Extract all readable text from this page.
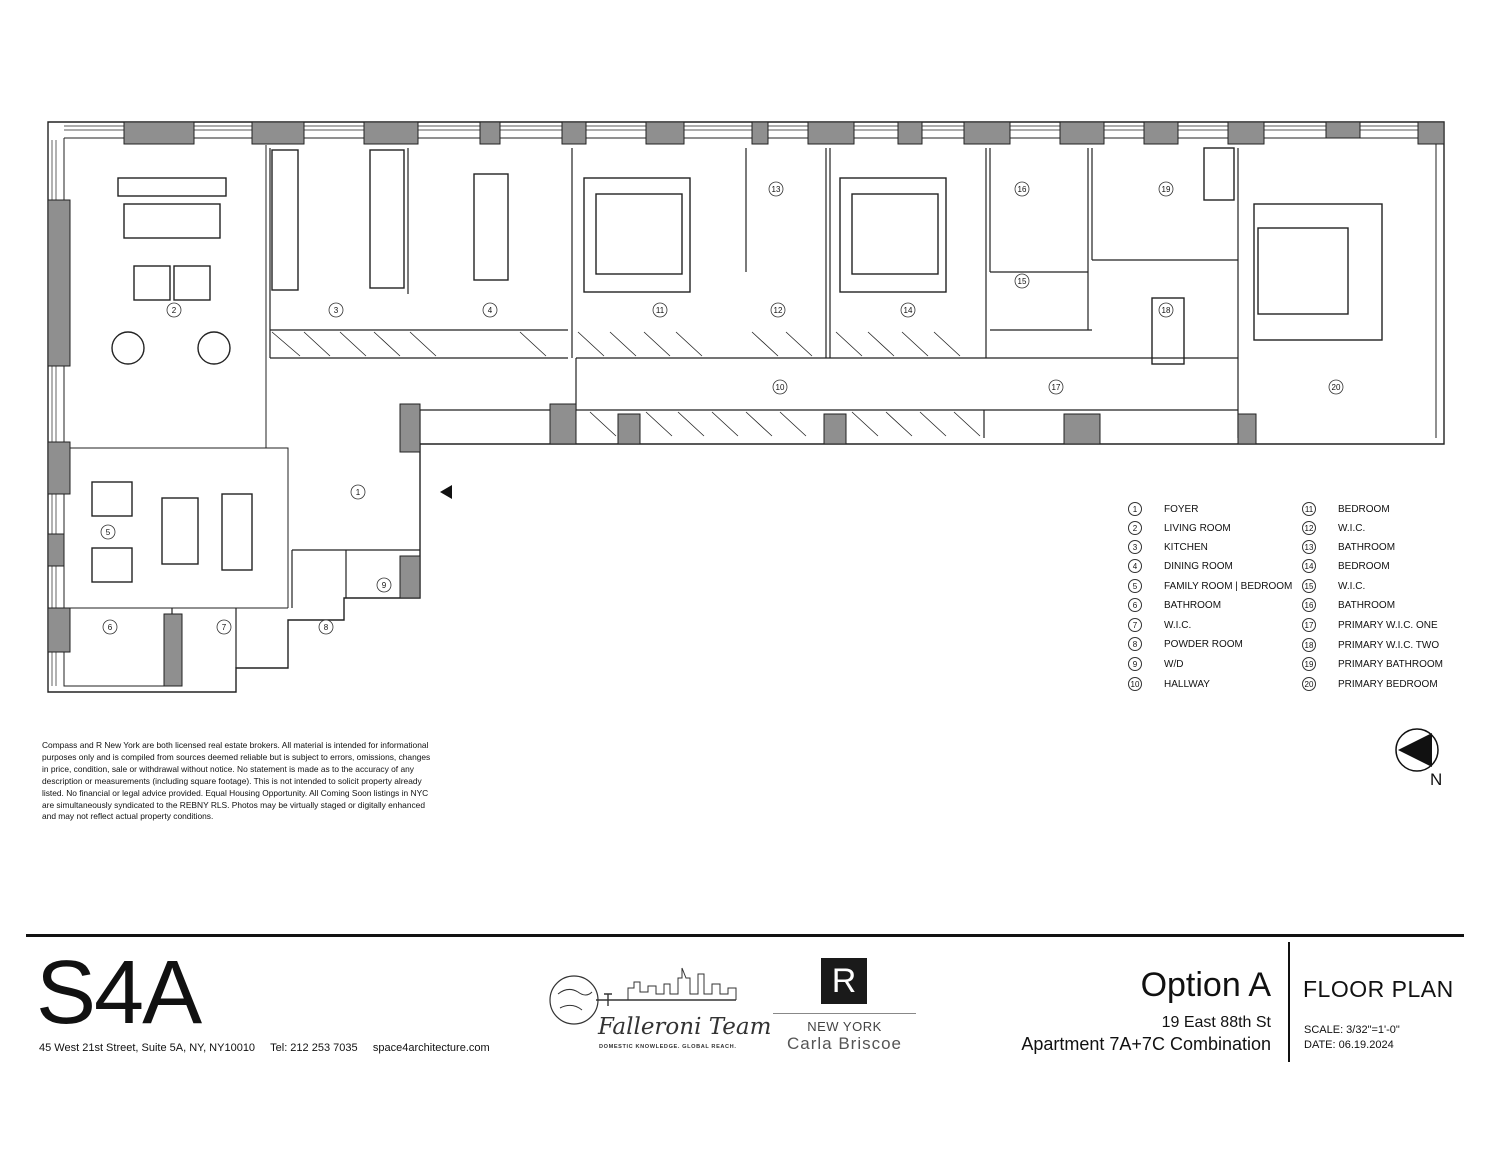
1
2	3	4
5
6	7	8
9
10
11	12
13
14
15
16
17
18
19
20
1	FOYER
2	LIVING ROOM
3	KITCHEN
4	DINING ROOM
5	FAMILY ROOM | BEDROOM
6	BATHROOM
7	W.I.C.
8	POWDER ROOM
9	W/D
10 HALLWAY
11 BEDROOM
12 W.I.C.
13 BATHROOM
14 BEDROOM
15 W.I.C.
16 BATHROOM
17 PRIMARY W.I.C. ONE
18 PRIMARY W.I.C. TWO
19 PRIMARY BATHROOM
20 PRIMARY BEDROOM
N
Compass and R New York are both licensed real estate brokers. All material is intended for informational purposes only and is compiled from sources deemed reliable but is subject to errors, omissions, changes in price, condition, sale or withdrawal without notice. No statement is made as to the accuracy of any description or measurements (including square footage). This is not intended to solicit property already listed. No financial or legal advice provided. Equal Housing Opportunity. All Coming Soon listings in NYC are simultaneously syndicated to the REBNY RLS. Photos may be virtually staged or digitally enhanced and may not reflect actual property conditions.
S4A
45 West 21st Street, Suite 5A, NY, NY10010     Tel: 212 253 7035     space4architecture.com
Falleroni Team
DOMESTIC KNOWLEDGE. GLOBAL REACH.
R
NEW YORK
Carla Briscoe
Option A
19 East 88th St
Apartment 7A+7C Combination
FLOOR PLAN
SCALE: 3/32"=1'-0"
DATE: 06.19.2024
